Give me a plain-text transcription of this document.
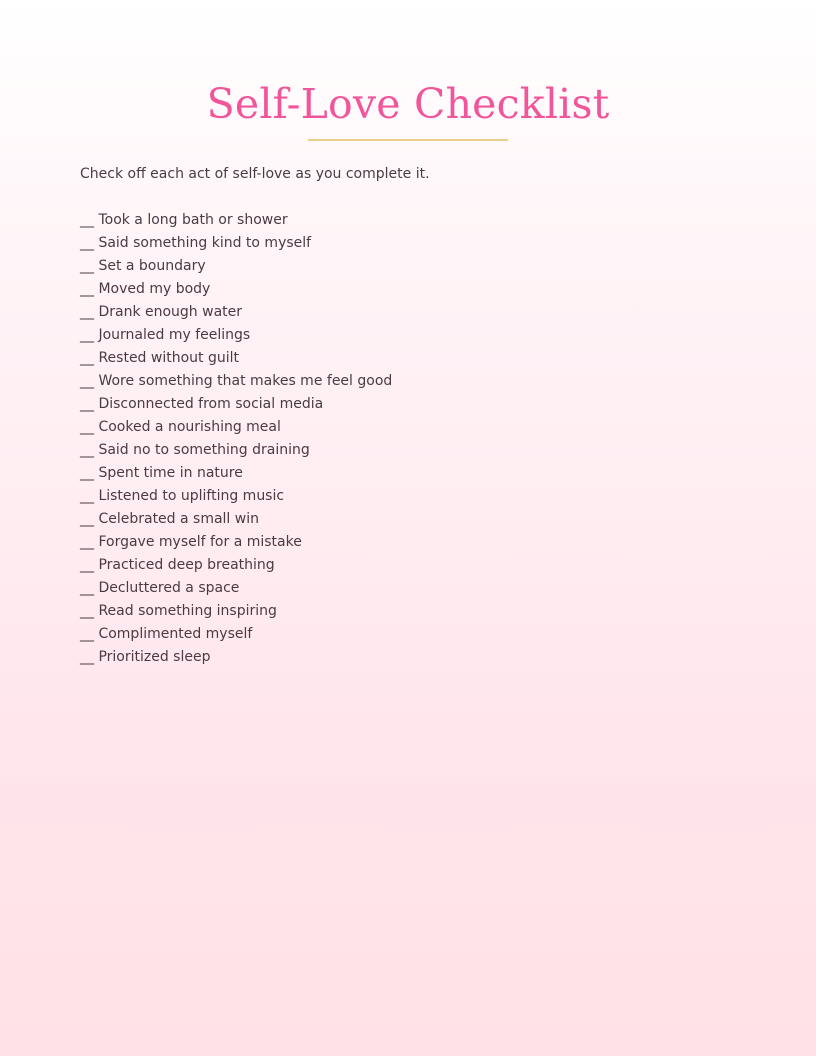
Self-Love Checklist

Check off each act of self-love as you complete it.

__ Took a long bath or shower
__ Said something kind to myself
__ Set a boundary
__ Moved my body
__ Drank enough water
__ Journaled my feelings
__ Rested without guilt
__ Wore something that makes me feel good
__ Disconnected from social media
__ Cooked a nourishing meal
__ Said no to something draining
__ Spent time in nature
__ Listened to uplifting music
__ Celebrated a small win
__ Forgave myself for a mistake
__ Practiced deep breathing
__ Decluttered a space
__ Read something inspiring
__ Complimented myself
__ Prioritized sleep
